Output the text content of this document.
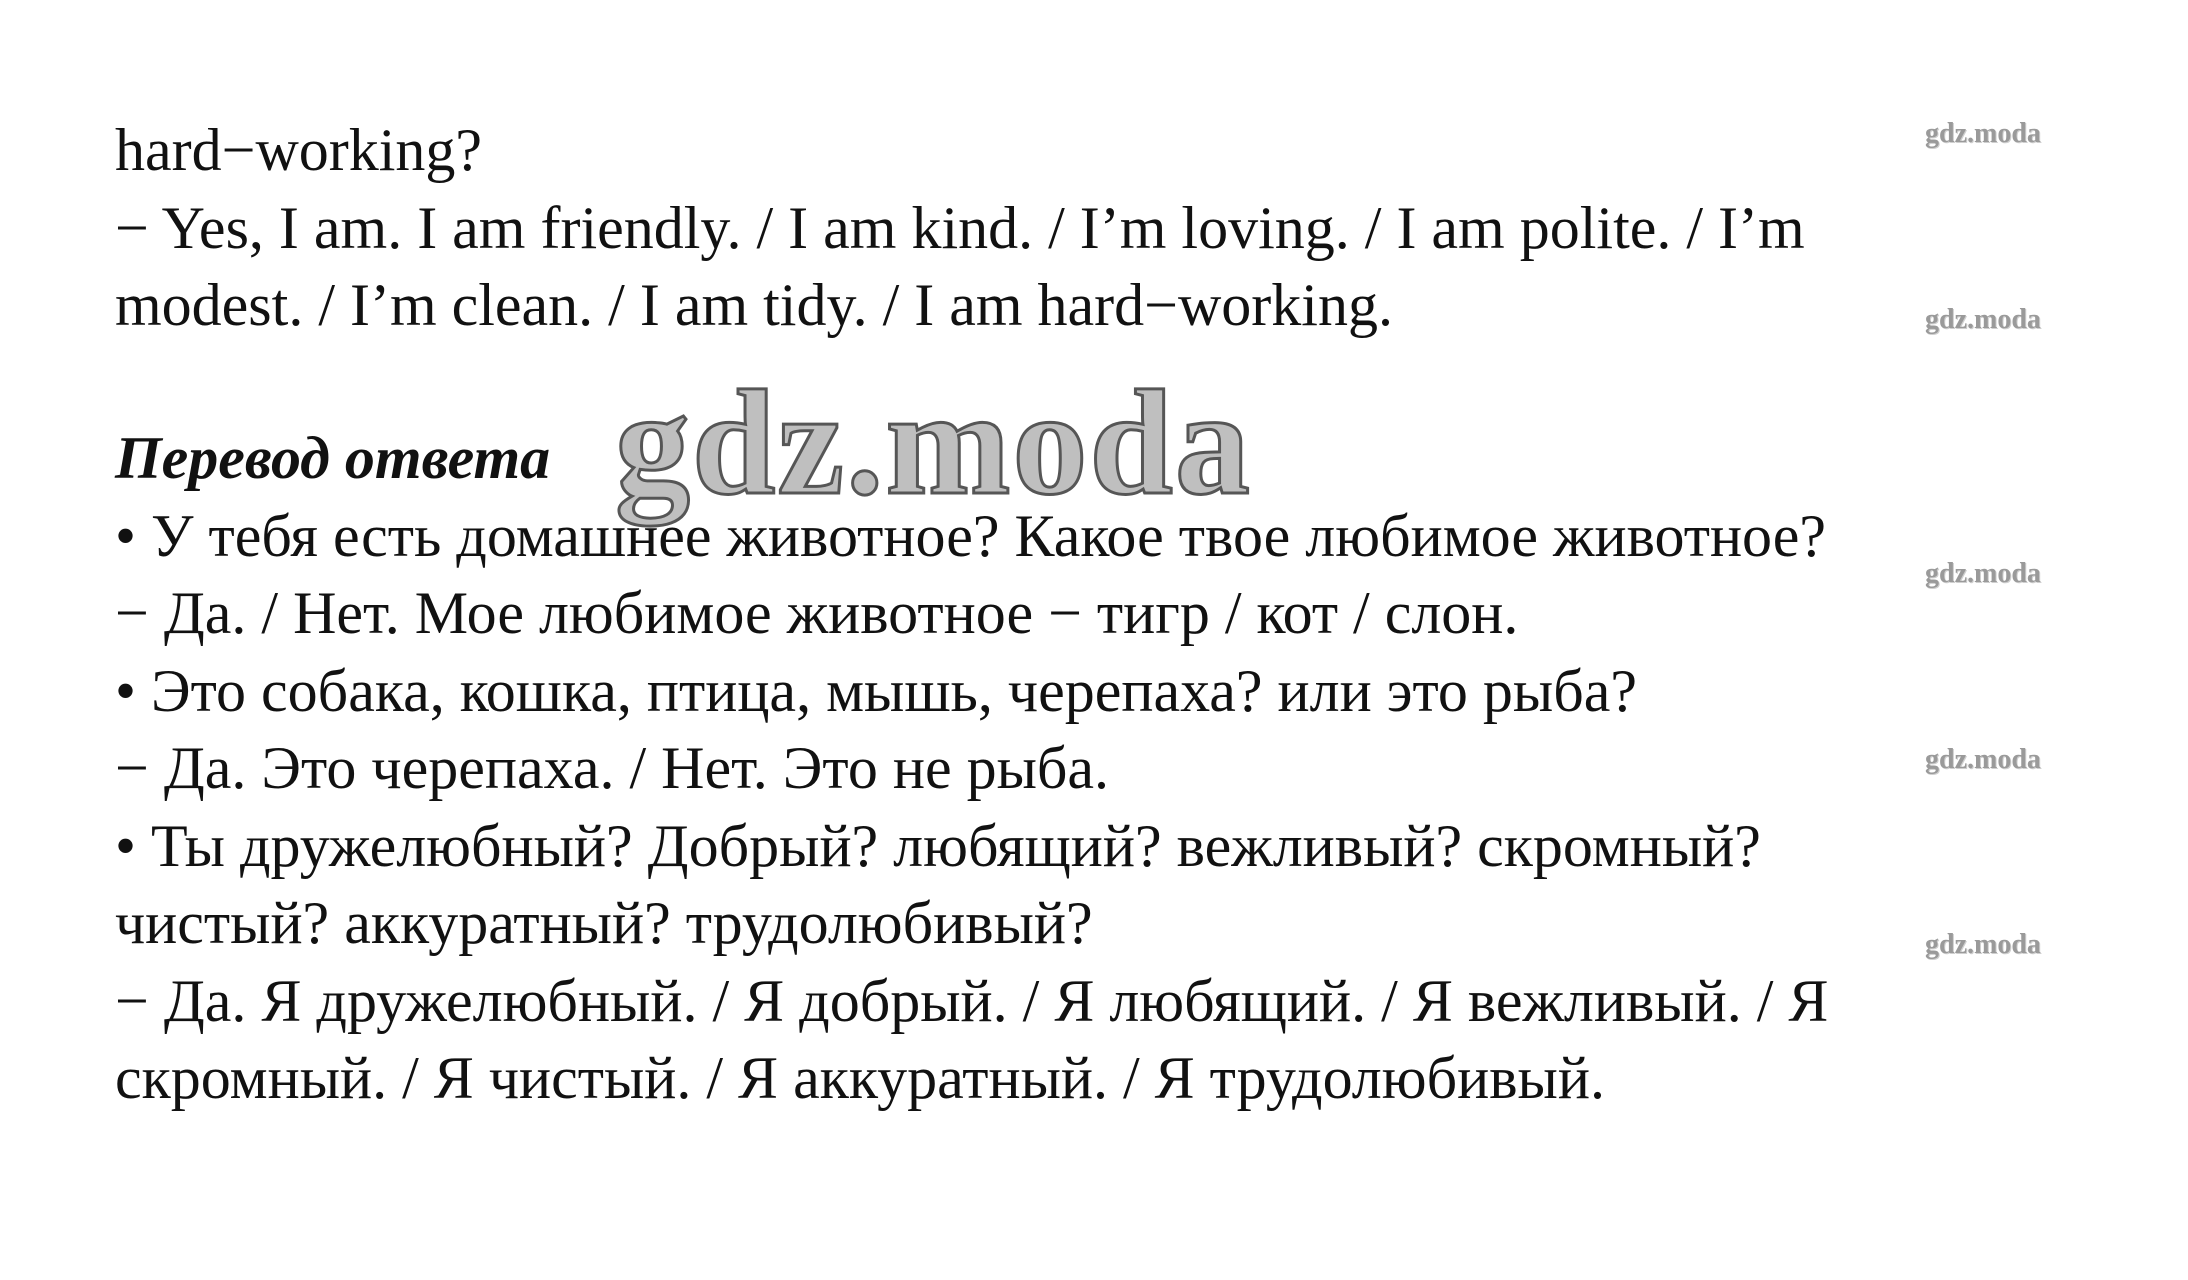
hard−working?
− Yes, I am. I am friendly. / I am kind. / I’m loving. / I am polite. / I’m
modest. / I’m clean. / I am tidy. / I am hard−working.
Перевод ответа gdz.moda
• У тебя есть домашнее животное? Какое твое любимое животное?
− Да. / Нет. Мое любимое животное − тигр / кот / слон.
• Это собака, кошка, птица, мышь, черепаха? или это рыба?
− Да. Это черепаха. / Нет. Это не рыба.
• Ты дружелюбный? Добрый? любящий? вежливый? скромный?
чистый? аккуратный? трудолюбивый?
− Да. Я дружелюбный. / Я добрый. / Я любящий. / Я вежливый. / Я
скромный. / Я чистый. / Я аккуратный. / Я трудолюбивый.
gdz.moda
gdz.moda
gdz.moda
gdz.moda
gdz.moda
